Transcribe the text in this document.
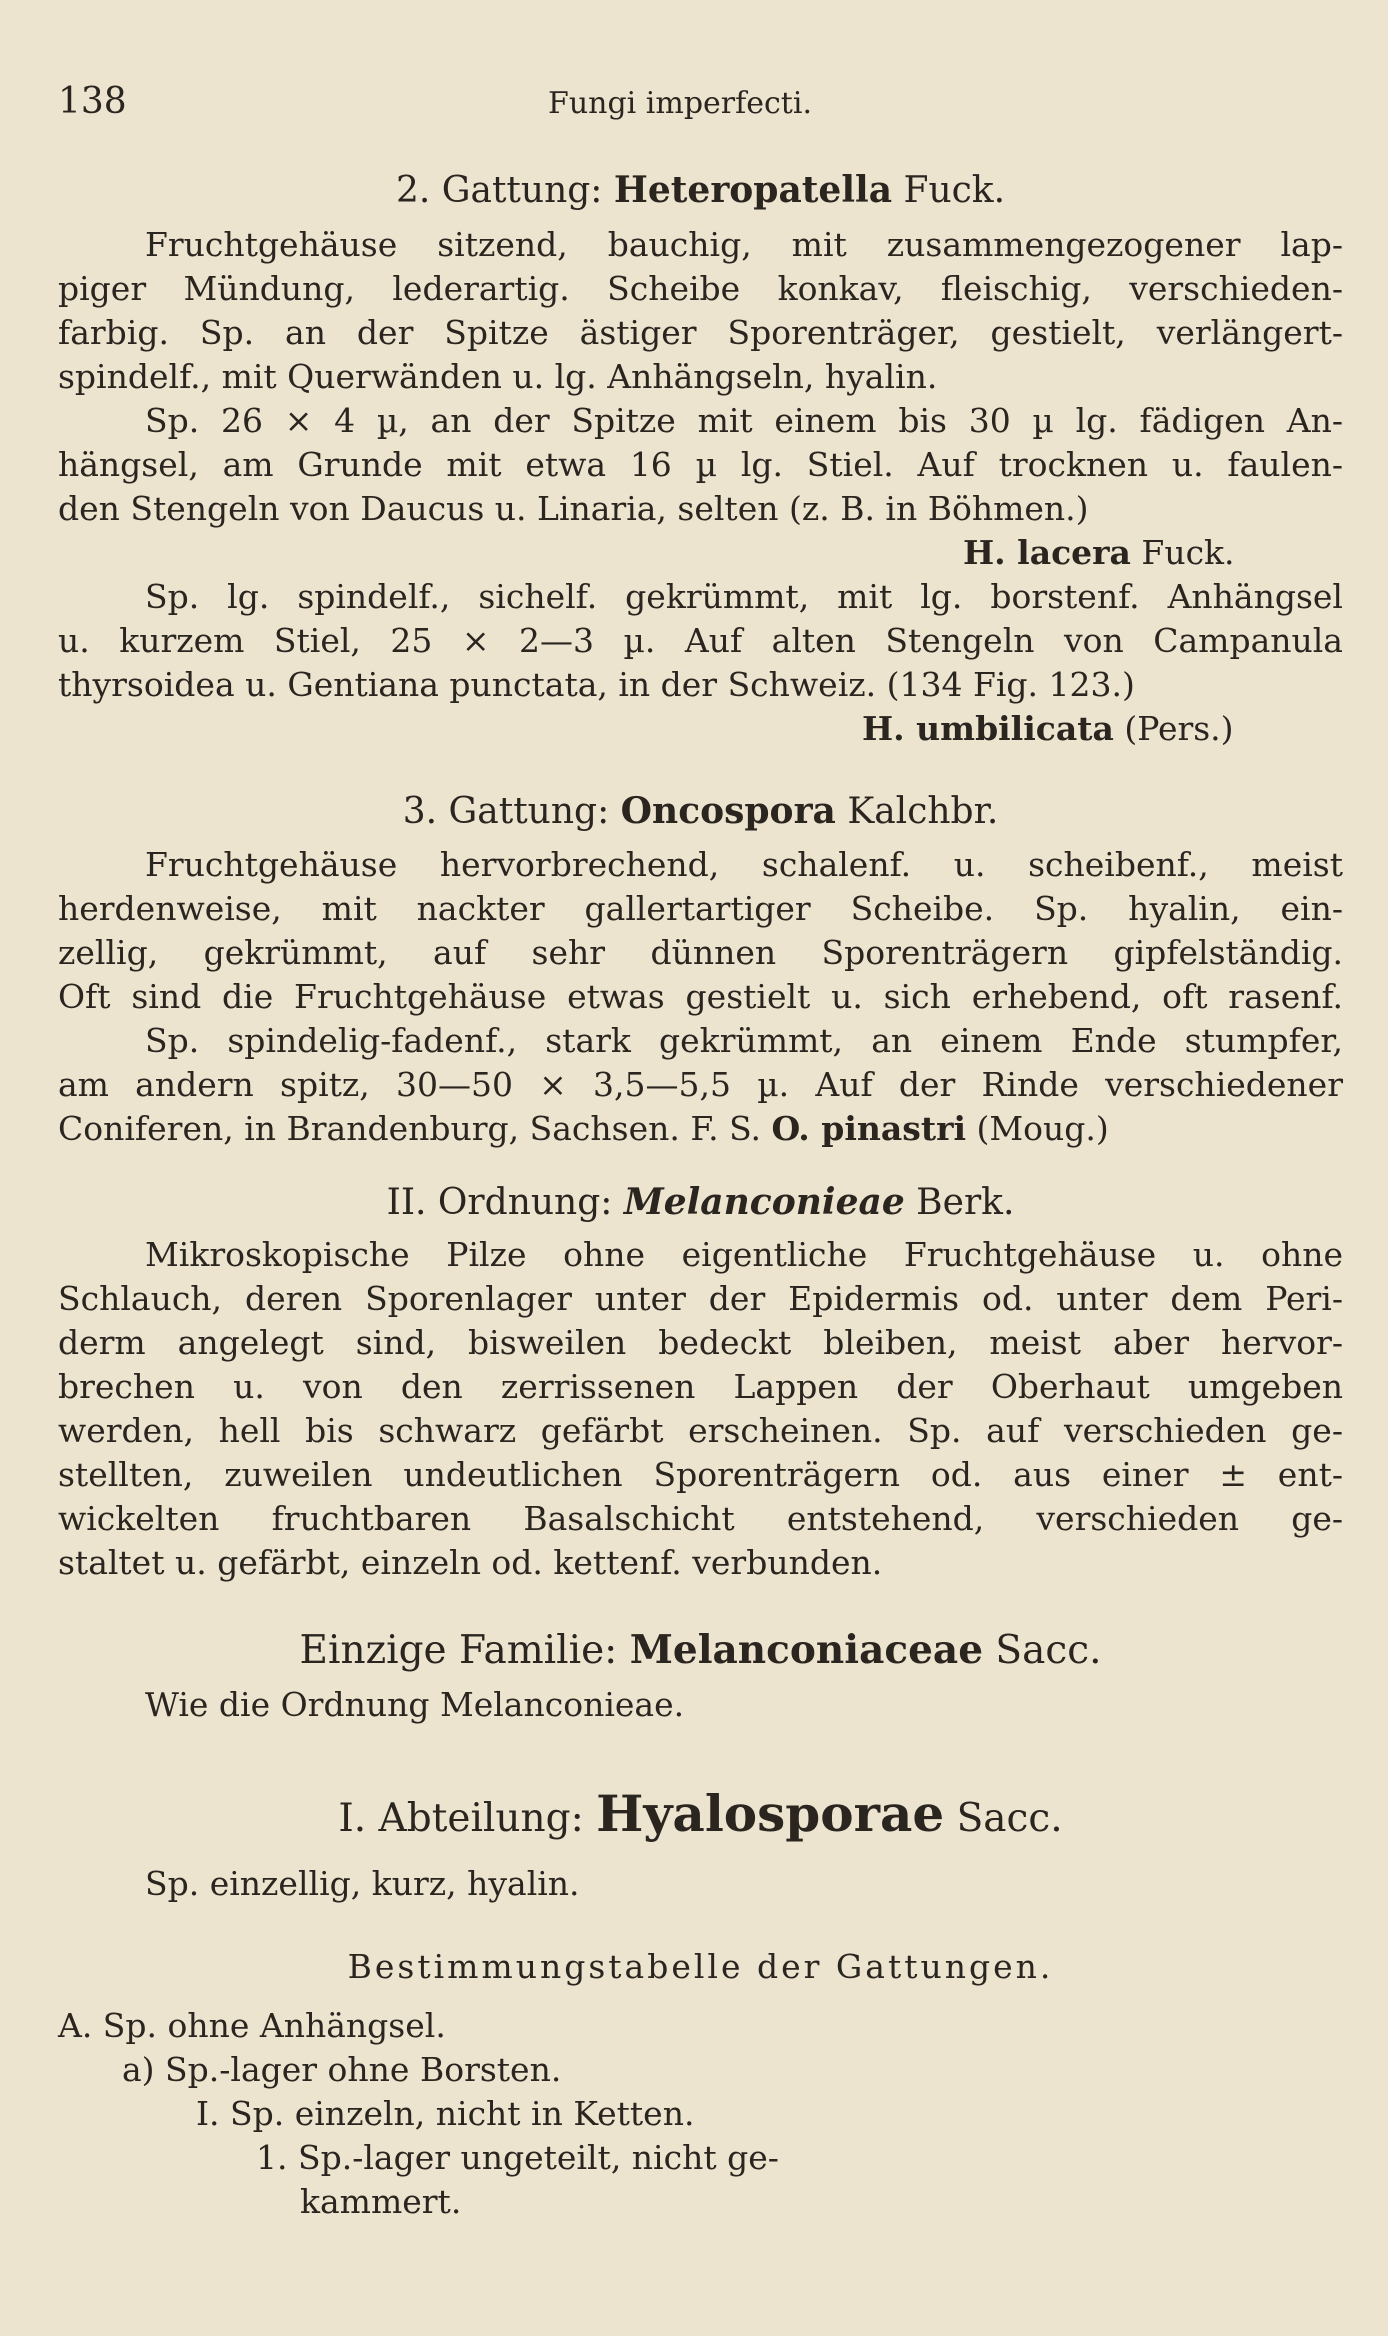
138	Fungi imperfecti.
2. Gattung: Heteropatella Fuck.
Fruchtgehäuse sitzend, bauchig, mit zusammengezogener lap-
piger Mündung, lederartig. Scheibe konkav, fleischig, verschieden-
farbig. Sp. an der Spitze ästiger Sporenträger, gestielt, verlängert-
spindelf., mit Querwänden u. lg. Anhängseln, hyalin.
Sp. 26 × 4 µ, an der Spitze mit einem bis 30 µ lg. fädigen An-
hängsel, am Grunde mit etwa 16 µ lg. Stiel. Auf trocknen u. faulen-
den Stengeln von Daucus u. Linaria, selten (z. B. in Böhmen.)
H. lacera Fuck.
Sp. lg. spindelf., sichelf. gekrümmt, mit lg. borstenf. Anhängsel
u. kurzem Stiel, 25 × 2—3 µ. Auf alten Stengeln von Campanula
thyrsoidea u. Gentiana punctata, in der Schweiz. (134 Fig. 123.)
H. umbilicata (Pers.)
3. Gattung: Oncospora Kalchbr.
Fruchtgehäuse hervorbrechend, schalenf. u. scheibenf., meist
herdenweise, mit nackter gallertartiger Scheibe. Sp. hyalin, ein-
zellig, gekrümmt, auf sehr dünnen Sporenträgern gipfelständig.
Oft sind die Fruchtgehäuse etwas gestielt u. sich erhebend, oft rasenf.
Sp. spindelig-fadenf., stark gekrümmt, an einem Ende stumpfer,
am andern spitz, 30—50 × 3,5—5,5 µ. Auf der Rinde verschiedener
Coniferen, in Brandenburg, Sachsen. F. S. O. pinastri (Moug.)
II. Ordnung: Melanconieae Berk.
Mikroskopische Pilze ohne eigentliche Fruchtgehäuse u. ohne
Schlauch, deren Sporenlager unter der Epidermis od. unter dem Peri-
derm angelegt sind, bisweilen bedeckt bleiben, meist aber hervor-
brechen u. von den zerrissenen Lappen der Oberhaut umgeben
werden, hell bis schwarz gefärbt erscheinen. Sp. auf verschieden ge-
stellten, zuweilen undeutlichen Sporenträgern od. aus einer ± ent-
wickelten fruchtbaren Basalschicht entstehend, verschieden ge-
staltet u. gefärbt, einzeln od. kettenf. verbunden.
Einzige Familie: Melanconiaceae Sacc.
Wie die Ordnung Melanconieae.
I. Abteilung: Hyalosporae Sacc.
Sp. einzellig, kurz, hyalin.
Bestimmungstabelle der Gattungen.
A. Sp. ohne Anhängsel.
a) Sp.-lager ohne Borsten.
I. Sp. einzeln, nicht in Ketten.
1. Sp.-lager ungeteilt, nicht ge-
kammert.
